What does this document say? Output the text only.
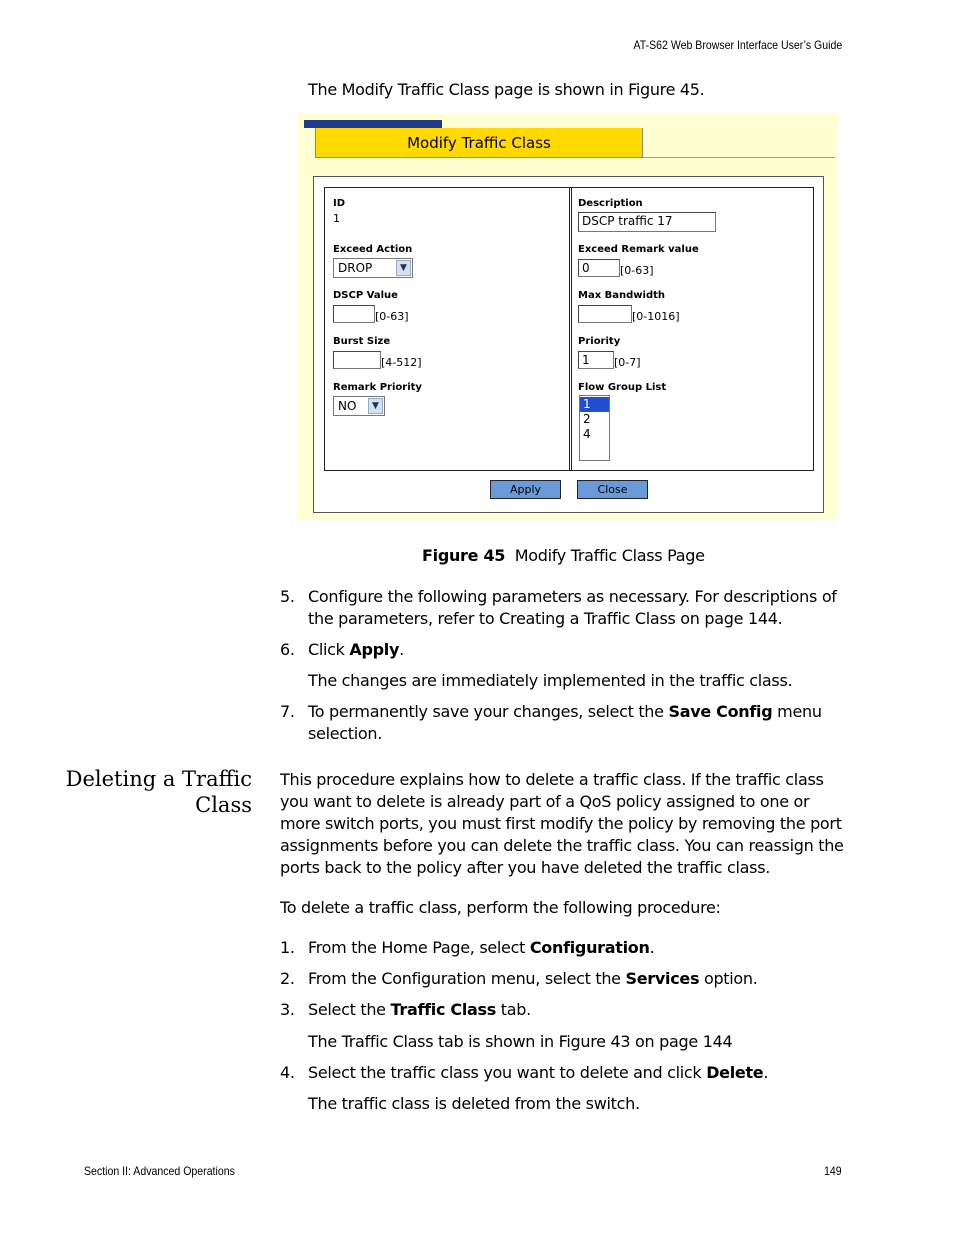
AT-S62 Web Browser Interface User’s Guide
The Modify Traffic Class page is shown in Figure 45.
Modify Traffic Class
ID
1
Exceed Action
DROP	▼
DSCP Value
[0-63]
Burst Size
[4-512]
Remark Priority
NO	▼
Description
DSCP traffic 17
Exceed Remark value
0	[0-63]
Max Bandwidth
[0-1016]
Priority
1	[0-7]
Flow Group List
1
2
4
Apply	Close
Figure 45 Modify Traffic Class Page
5. Configure the following parameters as necessary. For descriptions of the parameters, refer to Creating a Traffic Class on page 144.
6. Click Apply.
The changes are immediately implemented in the traffic class.
7. To permanently save your changes, select the Save Config menu selection.
Deleting a Traffic
Class
This procedure explains how to delete a traffic class. If the traffic class you want to delete is already part of a QoS policy assigned to one or more switch ports, you must first modify the policy by removing the port assignments before you can delete the traffic class. You can reassign the ports back to the policy after you have deleted the traffic class.
To delete a traffic class, perform the following procedure:
1. From the Home Page, select Configuration.
2. From the Configuration menu, select the Services option.
3. Select the Traffic Class tab.
The Traffic Class tab is shown in Figure 43 on page 144
4. Select the traffic class you want to delete and click Delete.
The traffic class is deleted from the switch.
Section II: Advanced Operations	149
